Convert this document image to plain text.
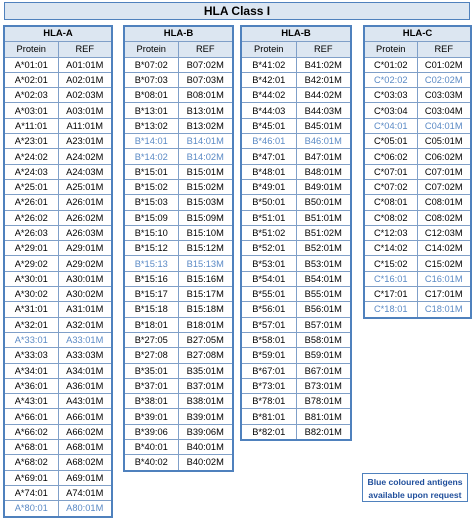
HLA Class I
HLA-A	
Protein	REF
A*01:01	A01:01M
A*02:01	A02:01M
A*02:03	A02:03M
A*03:01	A03:01M
A*11:01	A11:01M
A*23:01	A23:01M
A*24:02	A24:02M
A*24:03	A24:03M
A*25:01	A25:01M
A*26:01	A26:01M
A*26:02	A26:02M
A*26:03	A26:03M
A*29:01	A29:01M
A*29:02	A29:02M
A*30:01	A30:01M
A*30:02	A30:02M
A*31:01	A31:01M
A*32:01	A32:01M
A*33:01	A33:01M
A*33:03	A33:03M
A*34:01	A34:01M
A*36:01	A36:01M
A*43:01	A43:01M
A*66:01	A66:01M
A*66:02	A66:02M
A*68:01	A68:01M
A*68:02	A68:02M
A*69:01	A69:01M
A*74:01	A74:01M
A*80:01	A80:01M
HLA-B	
Protein	REF
B*07:02	B07:02M
B*07:03	B07:03M
B*08:01	B08:01M
B*13:01	B13:01M
B*13:02	B13:02M
B*14:01	B14:01M
B*14:02	B14:02M
B*15:01	B15:01M
B*15:02	B15:02M
B*15:03	B15:03M
B*15:09	B15:09M
B*15:10	B15:10M
B*15:12	B15:12M
B*15:13	B15:13M
B*15:16	B15:16M
B*15:17	B15:17M
B*15:18	B15:18M
B*18:01	B18:01M
B*27:05	B27:05M
B*27:08	B27:08M
B*35:01	B35:01M
B*37:01	B37:01M
B*38:01	B38:01M
B*39:01	B39:01M
B*39:06	B39:06M
B*40:01	B40:01M
B*40:02	B40:02M
HLA-B	
Protein	REF
B*41:02	B41:02M
B*42:01	B42:01M
B*44:02	B44:02M
B*44:03	B44:03M
B*45:01	B45:01M
B*46:01	B46:01M
B*47:01	B47:01M
B*48:01	B48:01M
B*49:01	B49:01M
B*50:01	B50:01M
B*51:01	B51:01M
B*51:02	B51:02M
B*52:01	B52:01M
B*53:01	B53:01M
B*54:01	B54:01M
B*55:01	B55:01M
B*56:01	B56:01M
B*57:01	B57:01M
B*58:01	B58:01M
B*59:01	B59:01M
B*67:01	B67:01M
B*73:01	B73:01M
B*78:01	B78:01M
B*81:01	B81:01M
B*82:01	B82:01M
HLA-C	
Protein	REF
C*01:02	C01:02M
C*02:02	C02:02M
C*03:03	C03:03M
C*03:04	C03:04M
C*04:01	C04:01M
C*05:01	C05:01M
C*06:02	C06:02M
C*07:01	C07:01M
C*07:02	C07:02M
C*08:01	C08:01M
C*08:02	C08:02M
C*12:03	C12:03M
C*14:02	C14:02M
C*15:02	C15:02M
C*16:01	C16:01M
C*17:01	C17:01M
C*18:01	C18:01M
Blue coloured antigens
available upon request
